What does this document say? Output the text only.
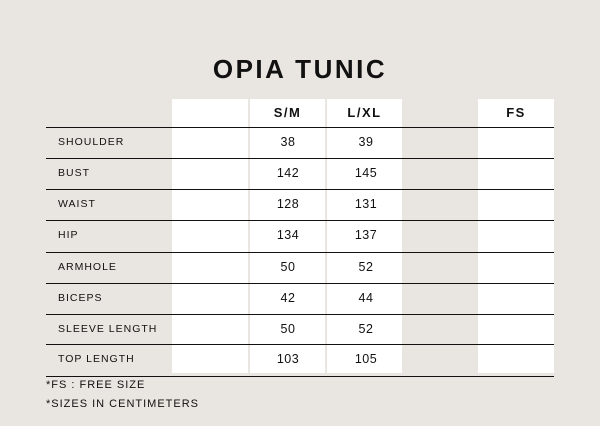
OPIA TUNIC
S/M	L/XL	FS
SHOULDER	38	39
BUST	142	145
WAIST	128	131
HIP	134	137
ARMHOLE	50	52
BICEPS	42	44
SLEEVE LENGTH	50	52
TOP LENGTH	103	105
*FS : FREE SIZE
*SIZES IN CENTIMETERS
